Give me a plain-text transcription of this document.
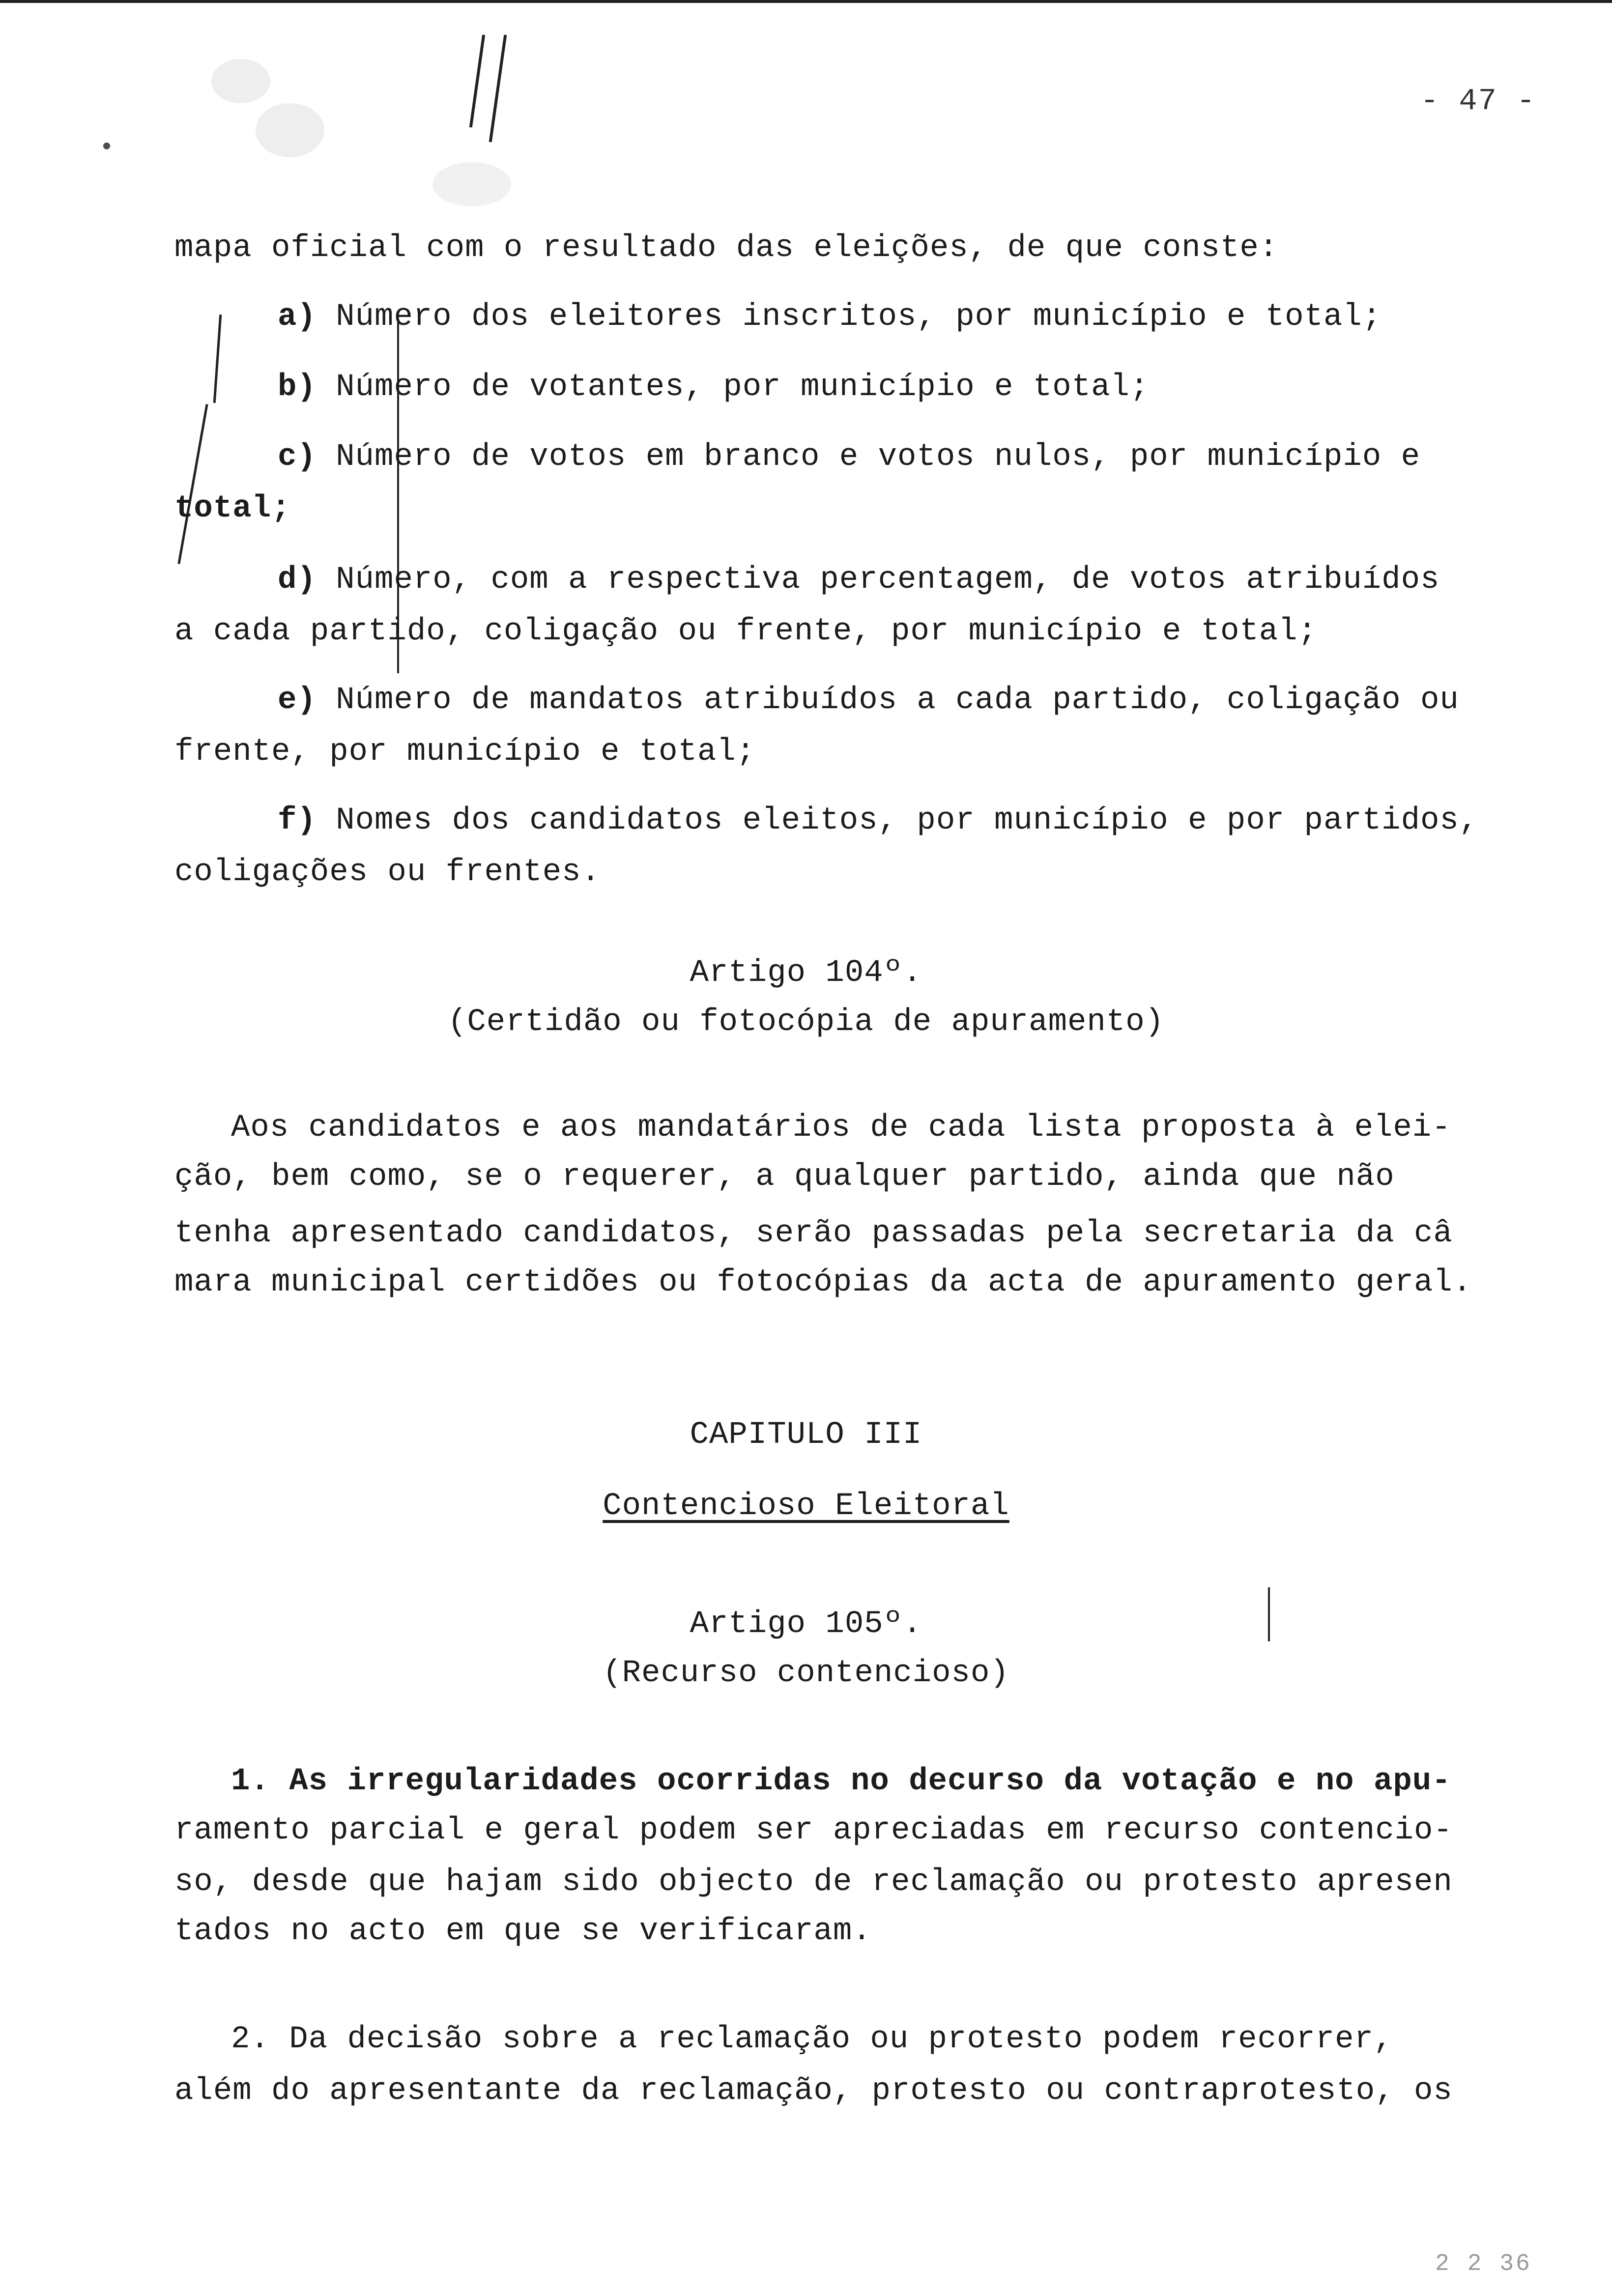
- 47 -
mapa oficial com o resultado das eleições, de que conste:
a) Número dos eleitores inscritos, por município e total;
b) Número de votantes, por município e total;
c) Número de votos em branco e votos nulos, por município e
total;
d) Número, com a respectiva percentagem, de votos atribuídos
a cada partido, coligação ou frente, por município e total;
e) Número de mandatos atribuídos a cada partido, coligação ou
frente, por município e total;
f) Nomes dos candidatos eleitos, por município e por partidos,
coligações ou frentes.
Artigo 104º.
(Certidão ou fotocópia de apuramento)
Aos candidatos e aos mandatários de cada lista proposta à elei-
ção, bem como, se o requerer, a qualquer partido, ainda que não
tenha apresentado candidatos, serão passadas pela secretaria da câ
mara municipal certidões ou fotocópias da acta de apuramento geral.
CAPITULO III
Contencioso Eleitoral
Artigo 105º.
(Recurso contencioso)
1. As irregularidades ocorridas no decurso da votação e no apu-
ramento parcial e geral podem ser apreciadas em recurso contencio-
so, desde que hajam sido objecto de reclamação ou protesto apresen
tados no acto em que se verificaram.
2. Da decisão sobre a reclamação ou protesto podem recorrer,
além do apresentante da reclamação, protesto ou contraprotesto, os
2 2 36
